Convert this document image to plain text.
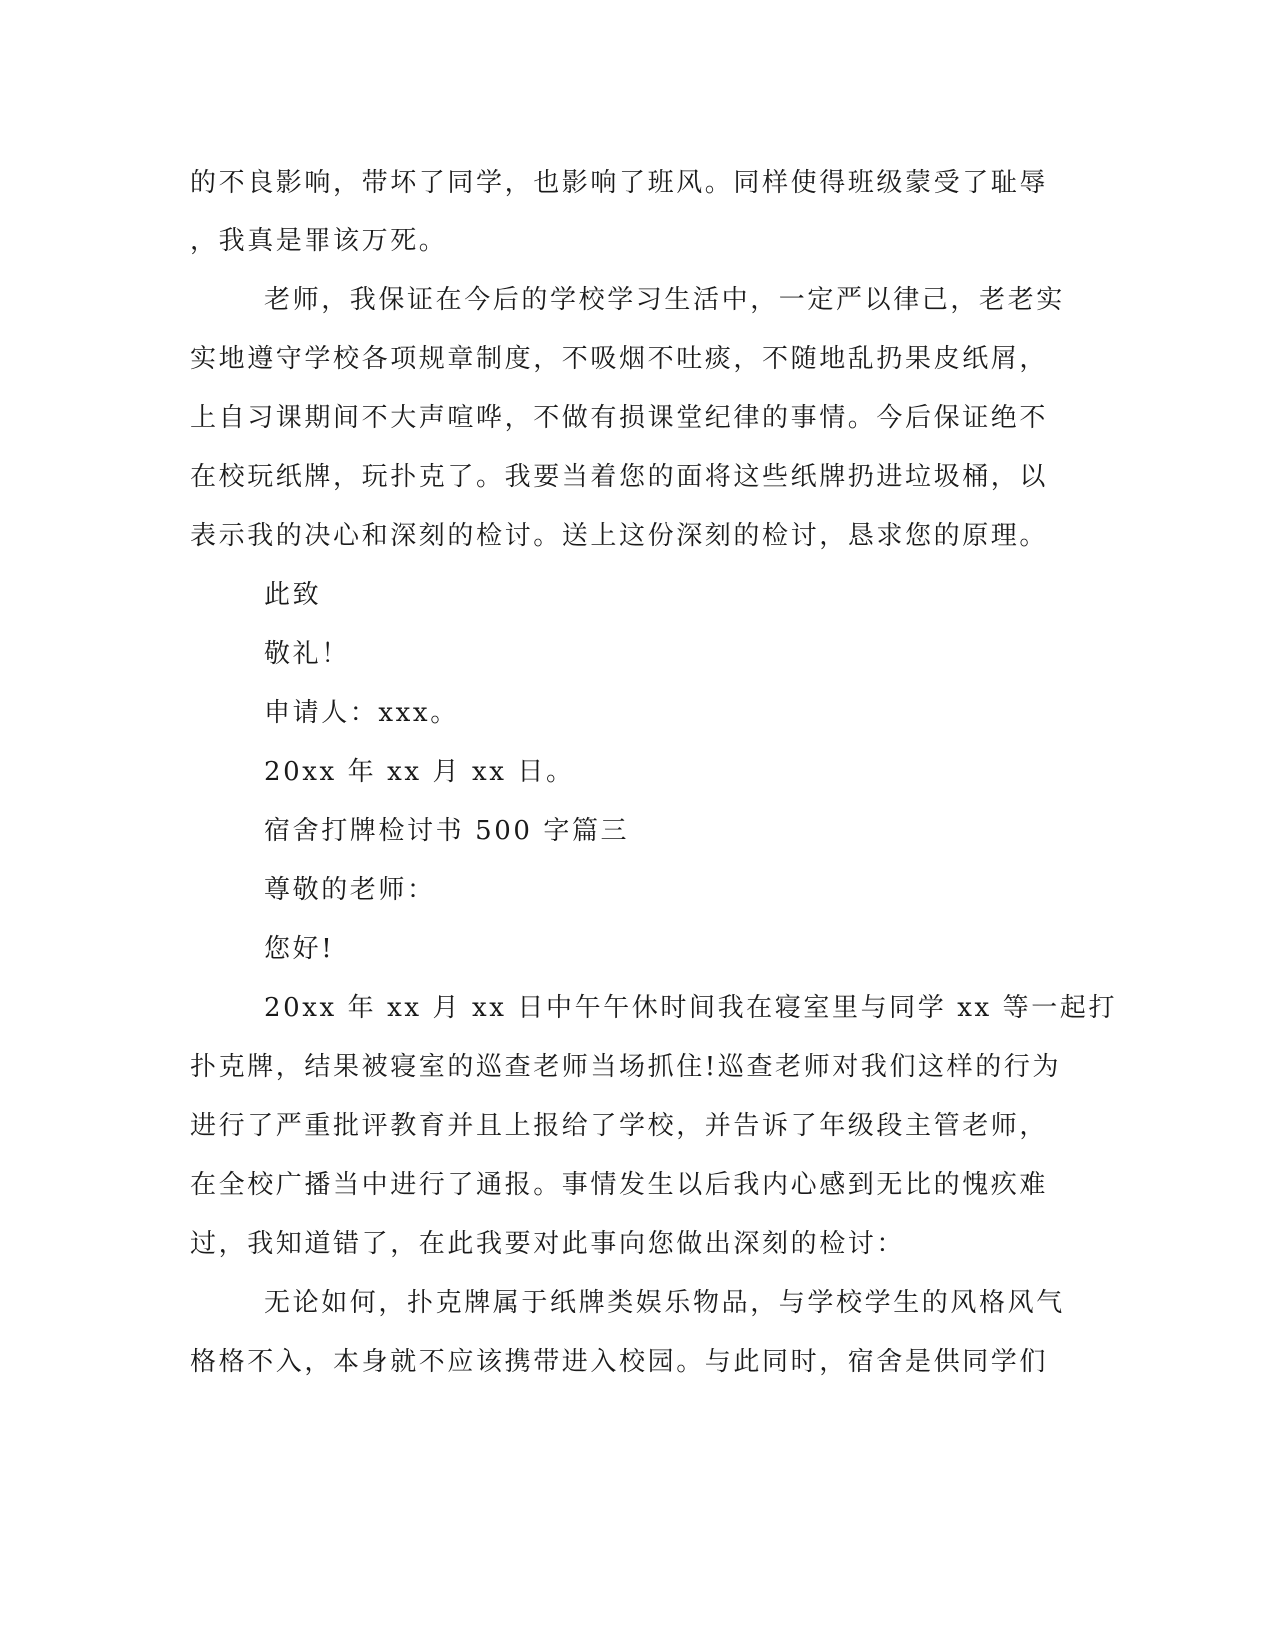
的不良影响，带坏了同学，也影响了班风。同样使得班级蒙受了耻辱
，我真是罪该万死。
老师，我保证在今后的学校学习生活中，一定严以律己，老老实
实地遵守学校各项规章制度，不吸烟不吐痰，不随地乱扔果皮纸屑，
上自习课期间不大声喧哗，不做有损课堂纪律的事情。今后保证绝不
在校玩纸牌，玩扑克了。我要当着您的面将这些纸牌扔进垃圾桶，以
表示我的决心和深刻的检讨。送上这份深刻的检讨，恳求您的原理。
此致
敬礼！
申请人：xxx。
20xx 年 xx 月 xx 日。
宿舍打牌检讨书 500 字篇三
尊敬的老师：
您好!
20xx 年 xx 月 xx 日中午午休时间我在寝室里与同学 xx 等一起打
扑克牌，结果被寝室的巡查老师当场抓住!巡查老师对我们这样的行为
进行了严重批评教育并且上报给了学校，并告诉了年级段主管老师，
在全校广播当中进行了通报。事情发生以后我内心感到无比的愧疚难
过，我知道错了，在此我要对此事向您做出深刻的检讨：
无论如何，扑克牌属于纸牌类娱乐物品，与学校学生的风格风气
格格不入，本身就不应该携带进入校园。与此同时，宿舍是供同学们
